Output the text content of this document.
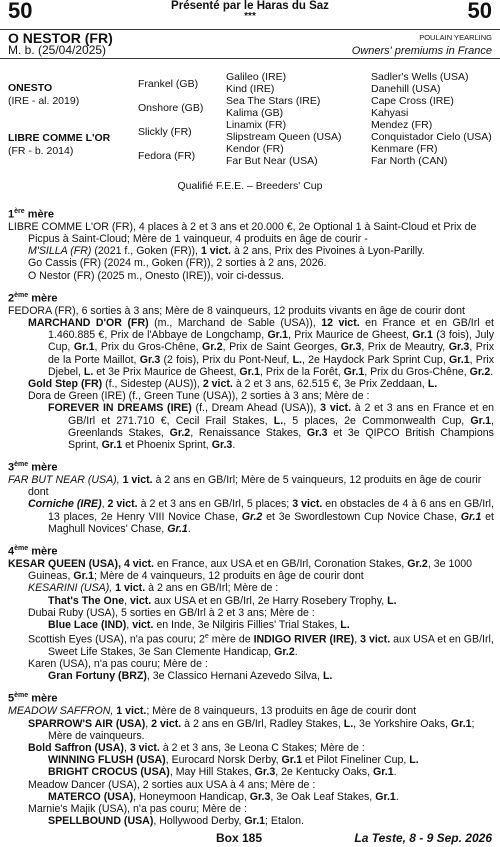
50	50
Présenté par le Haras du Saz
***
O NESTOR (FR)
M. b. (25/04/2025)
POULAIN YEARLING
Owners' premiums in France
ONESTO
(IRE - al. 2019)
LIBRE COMME L'OR
(FR - b. 2014)
Frankel (GB)
Onshore (GB)
Slickly (FR)
Fedora (FR)
Galileo (IRE)
Kind (IRE)
Sea The Stars (IRE)
Kalima (GB)
Linamix (FR)
Slipstream Queen (USA)
Kendor (FR)
Far But Near (USA)
Sadler's Wells (USA)
Danehill (USA)
Cape Cross (IRE)
Kahyasi
Mendez (FR)
Conquistador Cielo (USA)
Kenmare (FR)
Far North (CAN)
Qualifié F.E.E. – Breeders' Cup
1ère mère

LIBRE COMME L'OR (FR), 4 places à 2 et 3 ans et 20.000 €, 2e Optional 1 à Saint-Cloud et Prix de Picpus à Saint-Cloud; Mère de 1 vainqueur, 4 produits en âge de courir -

M'SILLA (FR) (2021 f., Goken (FR)), 1 vict. à 2 ans, Prix des Pivoines à Lyon-Parilly.

Go Cassis (FR) (2024 m., Goken (FR)), 2 sorties à 2 ans, 2026.

O Nestor (FR) (2025 m., Onesto (IRE)), voir ci-dessus.

2ème mère

FEDORA (FR), 6 sorties à 3 ans; Mère de 8 vainqueurs, 12 produits vivants en âge de courir dont

MARCHAND D'OR (FR) (m., Marchand de Sable (USA)), 12 vict. en France et en GB/Irl et 1.460.885 €, Prix de l'Abbaye de Longchamp, Gr.1, Prix Maurice de Gheest, Gr.1 (3 fois), July Cup, Gr.1, Prix du Gros-Chêne, Gr.2, Prix de Saint Georges, Gr.3, Prix de Meautry, Gr.3, Prix de la Porte Maillot, Gr.3 (2 fois), Prix du Pont-Neuf, L., 2e Haydock Park Sprint Cup, Gr.1, Prix Djebel, L. et 3e Prix Maurice de Gheest, Gr.1, Prix de la Forêt, Gr.1, Prix du Gros-Chêne, Gr.2.

Gold Step (FR) (f., Sidestep (AUS)), 2 vict. à 2 et 3 ans, 62.515 €, 3e Prix Zeddaan, L.

Dora de Green (IRE) (f., Green Tune (USA)), 2 sorties à 3 ans; Mère de :

FOREVER IN DREAMS (IRE) (f., Dream Ahead (USA)), 3 vict. à 2 et 3 ans en France et en GB/Irl et 271.710 €, Cecil Frail Stakes, L., 5 places, 2e Commonwealth Cup, Gr.1, Greenlands Stakes, Gr.2, Renaissance Stakes, Gr.3 et 3e QIPCO British Champions Sprint, Gr.1 et Phoenix Sprint, Gr.3.

3ème mère

FAR BUT NEAR (USA), 1 vict. à 2 ans en GB/Irl; Mère de 5 vainqueurs, 12 produits en âge de courir dont

Corniche (IRE), 2 vict. à 2 et 3 ans en GB/Irl, 5 places; 3 vict. en obstacles de 4 à 6 ans en GB/Irl, 13 places, 2e Henry VIII Novice Chase, Gr.2 et 3e Swordlestown Cup Novice Chase, Gr.1 et Maghull Novices' Chase, Gr.1.

4ème mère

KESAR QUEEN (USA), 4 vict. en France, aux USA et en GB/Irl, Coronation Stakes, Gr.2, 3e 1000 Guineas, Gr.1; Mère de 4 vainqueurs, 12 produits en âge de courir dont

KESARINI (USA), 1 vict. à 2 ans en GB/Irl; Mère de :

That's The One, vict. aux USA et en GB/Irl, 2e Harry Rosebery Trophy, L.

Dubai Ruby (USA), 5 sorties en GB/Irl à 2 et 3 ans; Mère de :

Blue Lace (IND), vict. en Inde, 3e Nilgiris Fillies' Trial Stakes, L.

Scottish Eyes (USA), n'a pas couru; 2e mère de INDIGO RIVER (IRE), 3 vict. aux USA et en GB/Irl, Sweet Life Stakes, 3e San Clemente Handicap, Gr.2.

Karen (USA), n'a pas couru; Mère de :

Gran Fortuny (BRZ), 3e Classico Hernani Azevedo Silva, L.

5ème mère

MEADOW SAFFRON, 1 vict.; Mère de 8 vainqueurs, 13 produits en âge de courir dont

SPARROW'S AIR (USA), 2 vict. à 2 ans en GB/Irl, Radley Stakes, L., 3e Yorkshire Oaks, Gr.1; Mère de vainqueurs.

Bold Saffron (USA), 3 vict. à 2 et 3 ans, 3e Leona C Stakes; Mère de :

WINNING FLUSH (USA), Eurocard Norsk Derby, Gr.1 et Pilot Fineliner Cup, L.

BRIGHT CROCUS (USA), May Hill Stakes, Gr.3, 2e Kentucky Oaks, Gr.1.

Meadow Dancer (USA), 2 sorties aux USA à 4 ans; Mère de :

MATERCO (USA), Honeymoon Handicap, Gr.3, 3e Oak Leaf Stakes, Gr.1.

Marnie's Majik (USA), n'a pas couru; Mère de :

SPELLBOUND (USA), Hollywood Derby, Gr.1; Etalon.

Box 185	La Teste, 8 - 9 Sep. 2026
